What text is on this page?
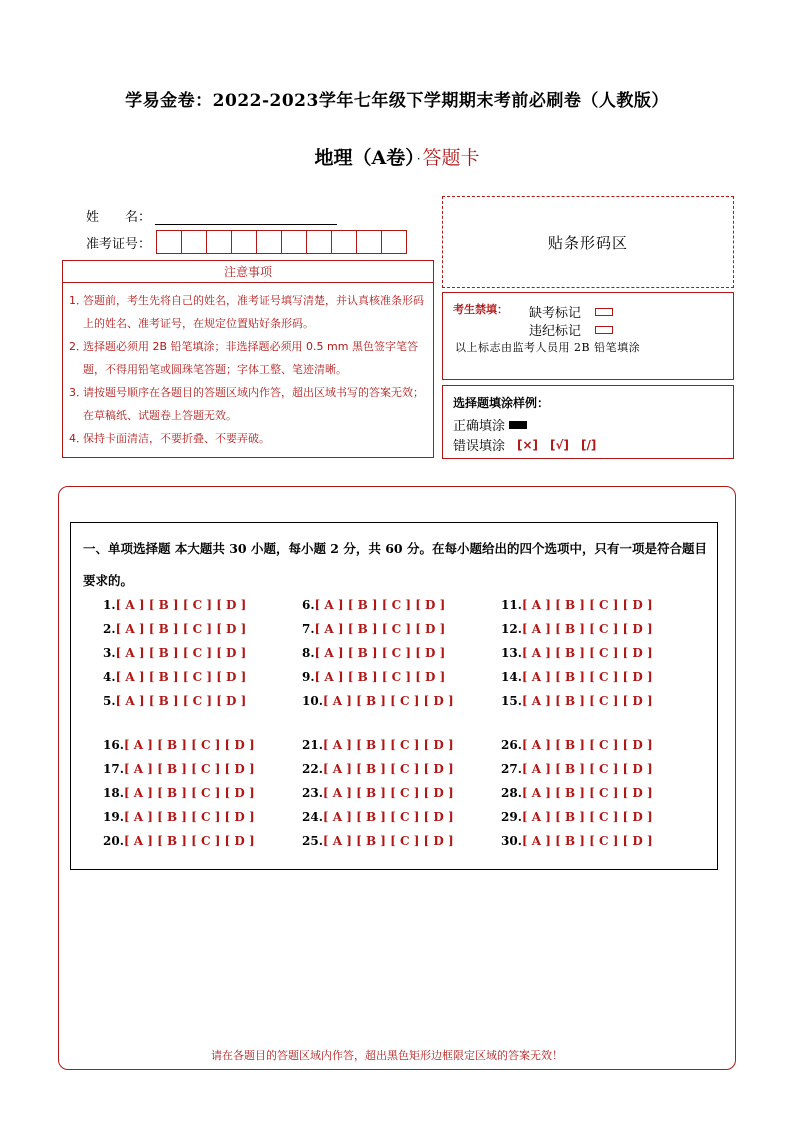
学易金卷：2022-2023学年七年级下学期期末考前必刷卷（人教版）
地理（A卷） · 答题卡
姓　　名：
准考证号：
注意事项
1．
答题前，考生先将自己的姓名，准考证号填写清楚，并认真核准条形码上的姓名、准考证号，在规定位置贴好条形码。
2．
选择题必须用 2B 铅笔填涂；非选择题必须用 0.5 mm 黑色签字笔答题，不得用铅笔或圆珠笔答题；字体工整、笔迹清晰。
3．
请按题号顺序在各题目的答题区域内作答，超出区域书写的答案无效；在草稿纸、试题卷上答题无效。
4．
保持卡面清洁，不要折叠、不要弄破。
贴条形码区
考生禁填： 缺考标记
违纪标记
以上标志由监考人员用 2B 铅笔填涂
选择题填涂样例：
正确填涂
错误填涂 [×] [√] [/]
一、单项选择题 本大题共 30 小题，每小题 2 分，共 60 分。在每小题给出的四个选项中，只有一项是符合题目要求的。
1.[ A ] [ B ] [ C ] [ D ]
2.[ A ] [ B ] [ C ] [ D ]
3.[ A ] [ B ] [ C ] [ D ]
4.[ A ] [ B ] [ C ] [ D ]
5.[ A ] [ B ] [ C ] [ D ]
6.[ A ] [ B ] [ C ] [ D ]
7.[ A ] [ B ] [ C ] [ D ]
8.[ A ] [ B ] [ C ] [ D ]
9.[ A ] [ B ] [ C ] [ D ]
10.[ A ] [ B ] [ C ] [ D ]
11.[ A ] [ B ] [ C ] [ D ]
12.[ A ] [ B ] [ C ] [ D ]
13.[ A ] [ B ] [ C ] [ D ]
14.[ A ] [ B ] [ C ] [ D ]
15.[ A ] [ B ] [ C ] [ D ]
16.[ A ] [ B ] [ C ] [ D ]
17.[ A ] [ B ] [ C ] [ D ]
18.[ A ] [ B ] [ C ] [ D ]
19.[ A ] [ B ] [ C ] [ D ]
20.[ A ] [ B ] [ C ] [ D ]
21.[ A ] [ B ] [ C ] [ D ]
22.[ A ] [ B ] [ C ] [ D ]
23.[ A ] [ B ] [ C ] [ D ]
24.[ A ] [ B ] [ C ] [ D ]
25.[ A ] [ B ] [ C ] [ D ]
26.[ A ] [ B ] [ C ] [ D ]
27.[ A ] [ B ] [ C ] [ D ]
28.[ A ] [ B ] [ C ] [ D ]
29.[ A ] [ B ] [ C ] [ D ]
30.[ A ] [ B ] [ C ] [ D ]
请在各题目的答题区域内作答，超出黑色矩形边框限定区域的答案无效！
